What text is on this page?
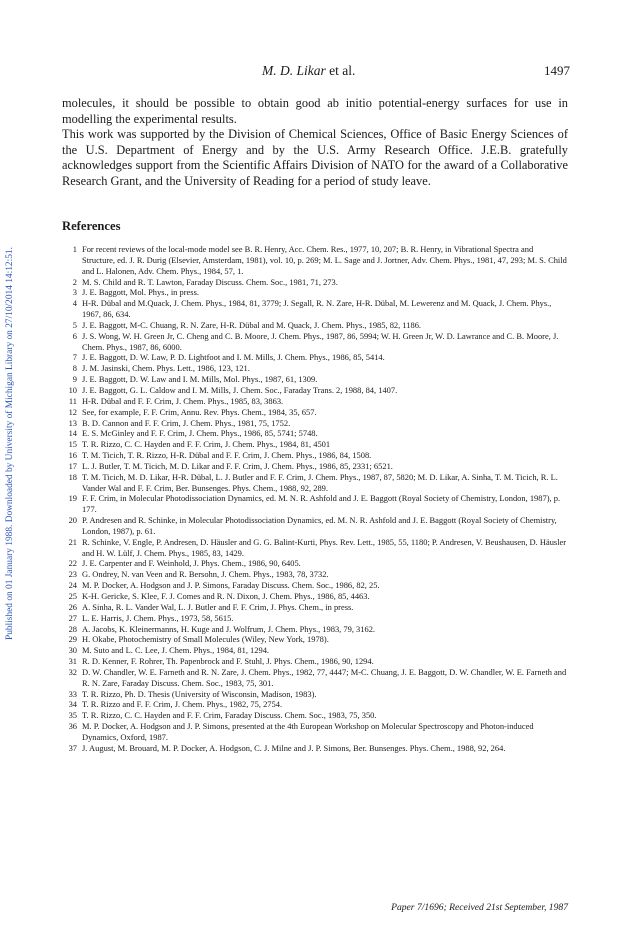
Published on 01 January 1988. Downloaded by University of Michigan Library on 27/10/2014 14:12:51.
M. D. Likar et al.	1497

molecules, it should be possible to obtain good ab initio potential-energy surfaces for use in modelling the experimental results.

This work was supported by the Division of Chemical Sciences, Office of Basic Energy Sciences of the U.S. Department of Energy and by the U.S. Army Research Office. J.E.B. gratefully acknowledges support from the Scientific Affairs Division of NATO for the award of a Collaborative Research Grant, and the University of Reading for a period of study leave.

References
1 For recent reviews of the local-mode model see B. R. Henry, Acc. Chem. Res., 1977, 10, 207; B. R. Henry, in Vibrational Spectra and Structure, ed. J. R. Durig (Elsevier, Amsterdam, 1981), vol. 10, p. 269; M. L. Sage and J. Jortner, Adv. Chem. Phys., 1981, 47, 293; M. S. Child and L. Halonen, Adv. Chem. Phys., 1984, 57, 1.
2 M. S. Child and R. T. Lawton, Faraday Discuss. Chem. Soc., 1981, 71, 273.
3 J. E. Baggott, Mol. Phys., in press.
4 H-R. Dübal and M.Quack, J. Chem. Phys., 1984, 81, 3779; J. Segall, R. N. Zare, H-R. Dübal, M. Lewerenz and M. Quack, J. Chem. Phys., 1967, 86, 634.
5 J. E. Baggott, M-C. Chuang, R. N. Zare, H-R. Dübal and M. Quack, J. Chem. Phys., 1985, 82, 1186.
6 J. S. Wong, W. H. Green Jr, C. Cheng and C. B. Moore, J. Chem. Phys., 1987, 86, 5994; W. H. Green Jr, W. D. Lawrance and C. B. Moore, J. Chem. Phys., 1987, 86, 6000.
7 J. E. Baggott, D. W. Law, P. D. Lightfoot and I. M. Mills, J. Chem. Phys., 1986, 85, 5414.
8 J. M. Jasinski, Chem. Phys. Lett., 1986, 123, 121.
9 J. E. Baggott, D. W. Law and I. M. Mills, Mol. Phys., 1987, 61, 1309.
10 J. E. Baggott, G. L. Caldow and I. M. Mills, J. Chem. Soc., Faraday Trans. 2, 1988, 84, 1407.
11 H-R. Dübal and F. F. Crim, J. Chem. Phys., 1985, 83, 3863.
12 See, for example, F. F. Crim, Annu. Rev. Phys. Chem., 1984, 35, 657.
13 B. D. Cannon and F. F. Crim, J. Chem. Phys., 1981, 75, 1752.
14 E. S. McGinley and F. F. Crim, J. Chem. Phys., 1986, 85, 5741; 5748.
15 T. R. Rizzo, C. C. Hayden and F. F. Crim, J. Chem. Phys., 1984, 81, 4501
16 T. M. Ticich, T. R. Rizzo, H-R. Dübal and F. F. Crim, J. Chem. Phys., 1986, 84, 1508.
17 L. J. Butler, T. M. Ticich, M. D. Likar and F. F. Crim, J. Chem. Phys., 1986, 85, 2331; 6521.
18 T. M. Ticich, M. D. Likar, H-R. Dübal, L. J. Butler and F. F. Crim, J. Chem. Phys., 1987, 87, 5820; M. D. Likar, A. Sinha, T. M. Ticich, R. L. Vander Wal and F. F. Crim, Ber. Bunsenges. Phys. Chem., 1988, 92, 289.
19 F. F. Crim, in Molecular Photodissociation Dynamics, ed. M. N. R. Ashfold and J. E. Baggott (Royal Society of Chemistry, London, 1987), p. 177.
20 P. Andresen and R. Schinke, in Molecular Photodissociation Dynamics, ed. M. N. R. Ashfold and J. E. Baggott (Royal Society of Chemistry, London, 1987), p. 61.
21 R. Schinke, V. Engle, P. Andresen, D. Häusler and G. G. Balint-Kurti, Phys. Rev. Lett., 1985, 55, 1180; P. Andresen, V. Beushausen, D. Häusler and H. W. Lülf, J. Chem. Phys., 1985, 83, 1429.
22 J. E. Carpenter and F. Weinhold, J. Phys. Chem., 1986, 90, 6405.
23 G. Ondrey, N. van Veen and R. Bersohn, J. Chem. Phys., 1983, 78, 3732.
24 M. P. Docker, A. Hodgson and J. P. Simons, Faraday Discuss. Chem. Soc., 1986, 82, 25.
25 K-H. Gericke, S. Klee, F. J. Comes and R. N. Dixon, J. Chem. Phys., 1986, 85, 4463.
26 A. Sinha, R. L. Vander Wal, L. J. Butler and F. F. Crim, J. Phys. Chem., in press.
27 L. E. Harris, J. Chem. Phys., 1973, 58, 5615.
28 A. Jacobs, K. Kleinermanns, H. Kuge and J. Wolfrum, J. Chem. Phys., 1983, 79, 3162.
29 H. Okabe, Photochemistry of Small Molecules (Wiley, New York, 1978).
30 M. Suto and L. C. Lee, J. Chem. Phys., 1984, 81, 1294.
31 R. D. Kenner, F. Rohrer, Th. Papenbrock and F. Stuhl, J. Phys. Chem., 1986, 90, 1294.
32 D. W. Chandler, W. E. Farneth and R. N. Zare, J. Chem. Phys., 1982, 77, 4447; M-C. Chuang, J. E. Baggott, D. W. Chandler, W. E. Farneth and R. N. Zare, Faraday Discuss. Chem. Soc., 1983, 75, 301.
33 T. R. Rizzo, Ph. D. Thesis (University of Wisconsin, Madison, 1983).
34 T. R. Rizzo and F. F. Crim, J. Chem. Phys., 1982, 75, 2754.
35 T. R. Rizzo, C. C. Hayden and F. F. Crim, Faraday Discuss. Chem. Soc., 1983, 75, 350.
36 M. P. Docker, A. Hodgson and J. P. Simons, presented at the 4th European Workshop on Molecular Spectroscopy and Photon-induced Dynamics, Oxford, 1987.
37 J. August, M. Brouard, M. P. Docker, A. Hodgson, C. J. Milne and J. P. Simons, Ber. Bunsenges. Phys. Chem., 1988, 92, 264.
Paper 7/1696; Received 21st September, 1987
